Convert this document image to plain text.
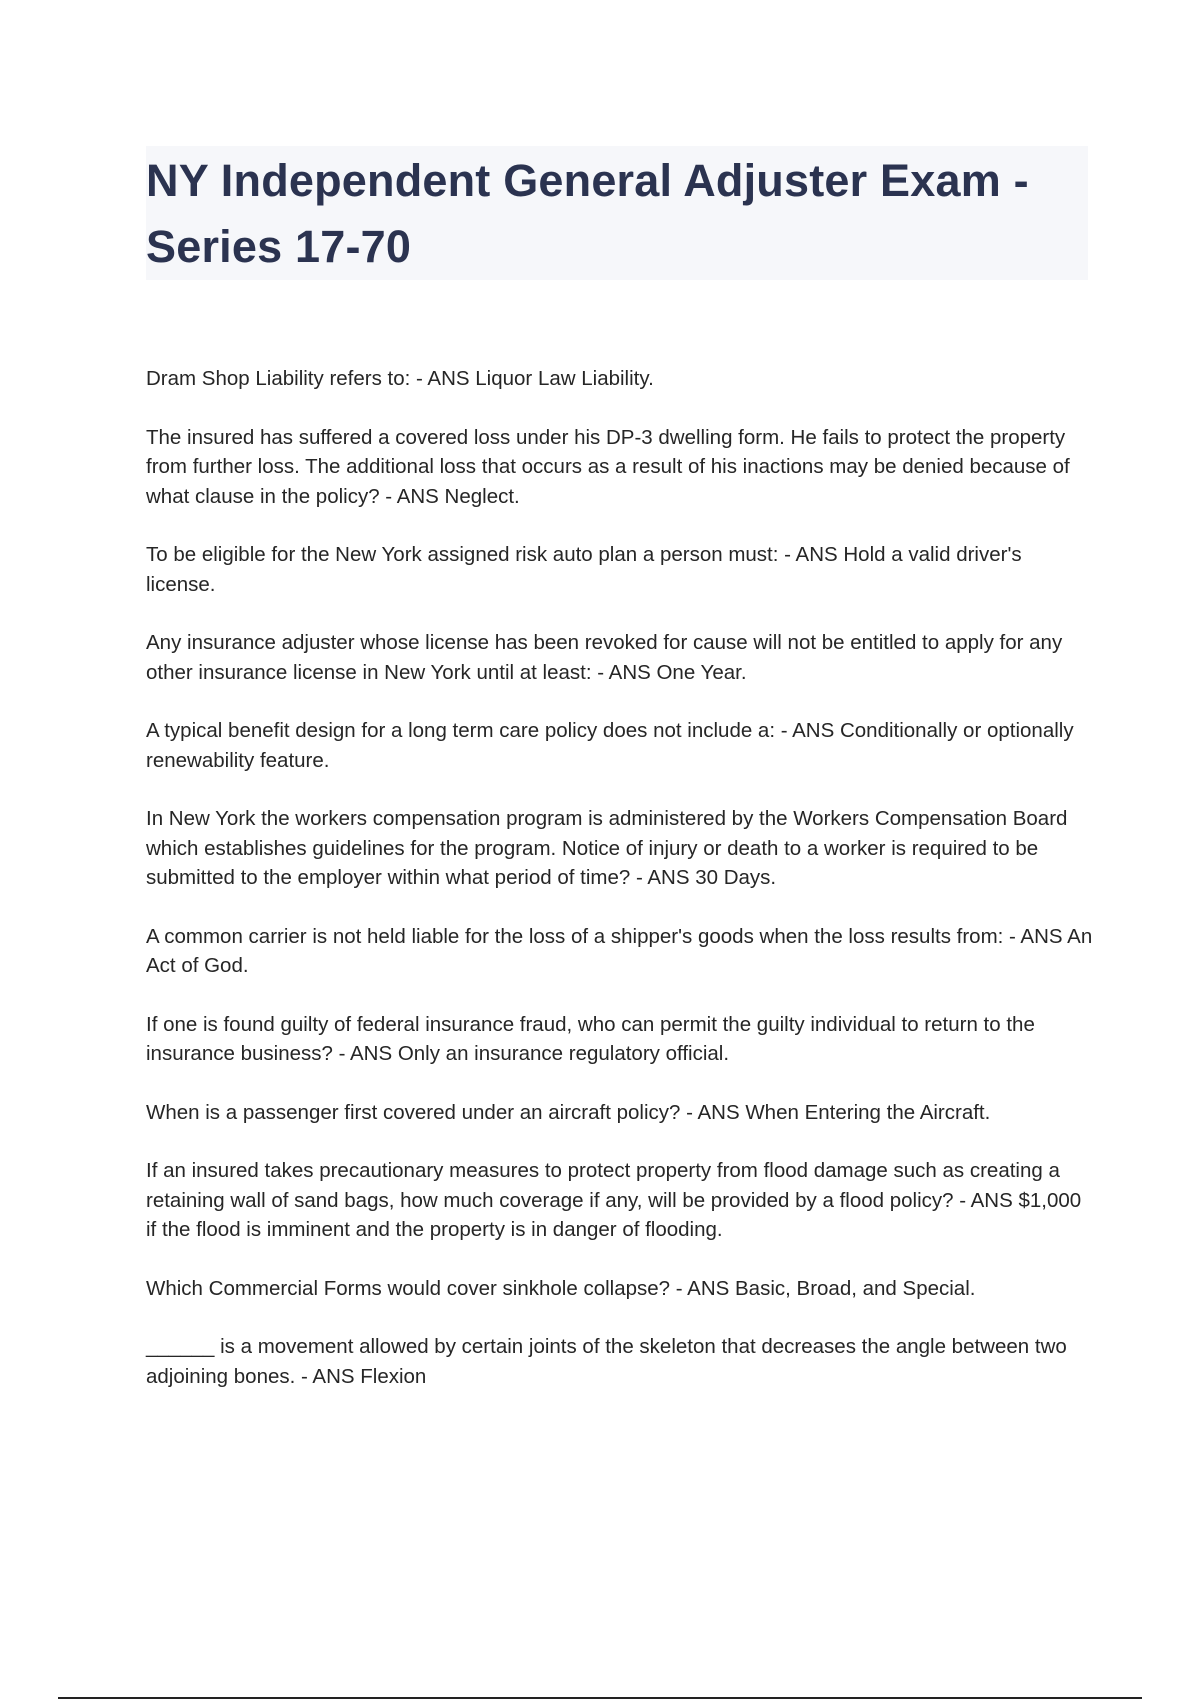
NY Independent General Adjuster Exam - Series 17-70

Dram Shop Liability refers to: - ANS Liquor Law Liability.

The insured has suffered a covered loss under his DP-3 dwelling form. He fails to protect the property from further loss. The additional loss that occurs as a result of his inactions may be denied because of what clause in the policy? - ANS Neglect.

To be eligible for the New York assigned risk auto plan a person must: - ANS Hold a valid driver's license.

Any insurance adjuster whose license has been revoked for cause will not be entitled to apply for any other insurance license in New York until at least: - ANS One Year.

A typical benefit design for a long term care policy does not include a: - ANS Conditionally or optionally renewability feature.

In New York the workers compensation program is administered by the Workers Compensation Board which establishes guidelines for the program. Notice of injury or death to a worker is required to be submitted to the employer within what period of time? - ANS 30 Days.

A common carrier is not held liable for the loss of a shipper's goods when the loss results from: - ANS An Act of God.

If one is found guilty of federal insurance fraud, who can permit the guilty individual to return to the insurance business? - ANS Only an insurance regulatory official.

When is a passenger first covered under an aircraft policy? - ANS When Entering the Aircraft.

If an insured takes precautionary measures to protect property from flood damage such as creating a retaining wall of sand bags, how much coverage if any, will be provided by a flood policy? - ANS $1,000 if the flood is imminent and the property is in danger of flooding.

Which Commercial Forms would cover sinkhole collapse? - ANS Basic, Broad, and Special.

______ is a movement allowed by certain joints of the skeleton that decreases the angle between two adjoining bones. - ANS Flexion
